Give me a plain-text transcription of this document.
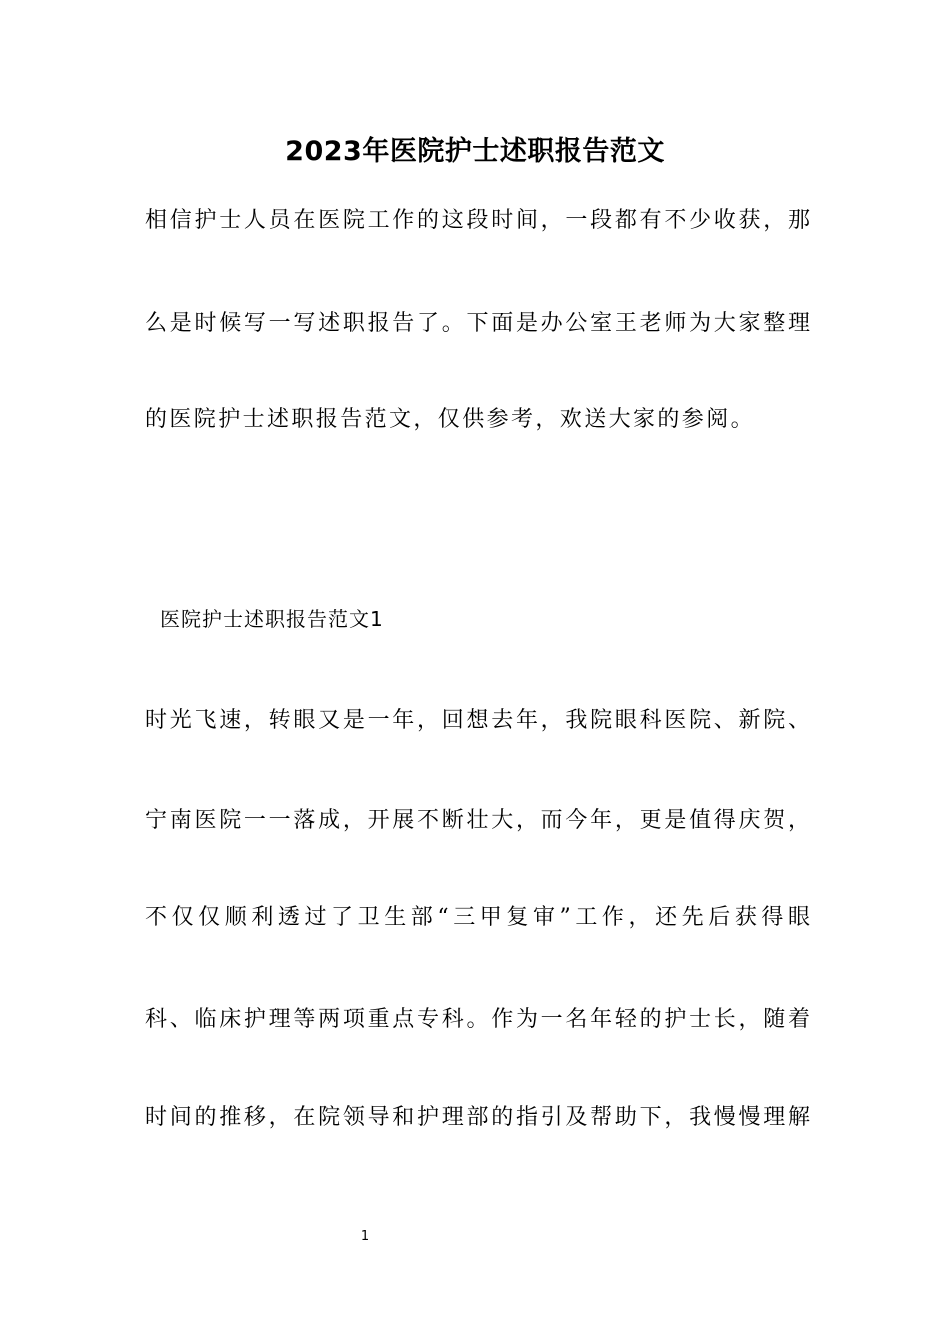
2023年医院护士述职报告范文
相信护士人员在医院工作的这段时间，一段都有不少收获，那
么是时候写一写述职报告了。下面是办公室王老师为大家整理
的医院护士述职报告范文，仅供参考，欢送大家的参阅。
医院护士述职报告范文1
时光飞速，转眼又是一年，回想去年，我院眼科医院、新院、
宁南医院一一落成，开展不断壮大，而今年，更是值得庆贺，
不仅仅顺利透过了卫生部“三甲复审”工作，还先后获得眼
科、临床护理等两项重点专科。作为一名年轻的护士长，随着
时间的推移，在院领导和护理部的指引及帮助下，我慢慢理解
1
